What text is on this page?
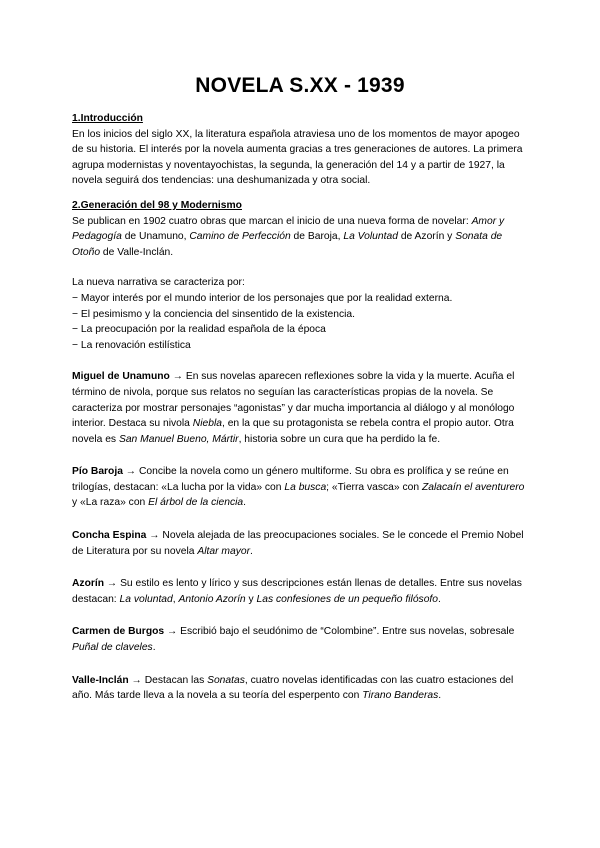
NOVELA S.XX - 1939

1.Introducción

En los inicios del siglo XX, la literatura española atraviesa uno de los momentos de mayor apogeo de su historia. El interés por la novela aumenta gracias a tres generaciones de autores. La primera agrupa modernistas y noventayochistas, la segunda, la generación del 14 y a partir de 1927, la novela seguirá dos tendencias: una deshumanizada y otra social.

2.Generación del 98 y Modernismo

Se publican en 1902 cuatro obras que marcan el inicio de una nueva forma de novelar: Amor y Pedagogía de Unamuno, Camino de Perfección de Baroja, La Voluntad de Azorín y Sonata de Otoño de Valle-Inclán.

La nueva narrativa se caracteriza por:

− Mayor interés por el mundo interior de los personajes que por la realidad externa.
− El pesimismo y la conciencia del sinsentido de la existencia.
− La preocupación por la realidad española de la época
− La renovación estilística

Miguel de Unamuno → En sus novelas aparecen reflexiones sobre la vida y la muerte. Acuña el término de nivola, porque sus relatos no seguían las características propias de la novela. Se caracteriza por mostrar personajes “agonistas” y dar mucha importancia al diálogo y al monólogo interior. Destaca su nivola Niebla, en la que su protagonista se rebela contra el propio autor. Otra novela es San Manuel Bueno, Mártir, historia sobre un cura que ha perdido la fe.

Pío Baroja → Concibe la novela como un género multiforme. Su obra es prolífica y se reúne en trilogías, destacan: «La lucha por la vida» con La busca; «Tierra vasca» con Zalacaín el aventurero y «La raza» con El árbol de la ciencia.

Concha Espina → Novela alejada de las preocupaciones sociales. Se le concede el Premio Nobel de Literatura por su novela Altar mayor.

Azorín → Su estilo es lento y lírico y sus descripciones están llenas de detalles. Entre sus novelas destacan: La voluntad, Antonio Azorín y Las confesiones de un pequeño filósofo.

Carmen de Burgos → Escribió bajo el seudónimo de “Colombine”. Entre sus novelas, sobresale Puñal de claveles.

Valle-Inclán → Destacan las Sonatas, cuatro novelas identificadas con las cuatro estaciones del año. Más tarde lleva a la novela a su teoría del esperpento con Tirano Banderas.
